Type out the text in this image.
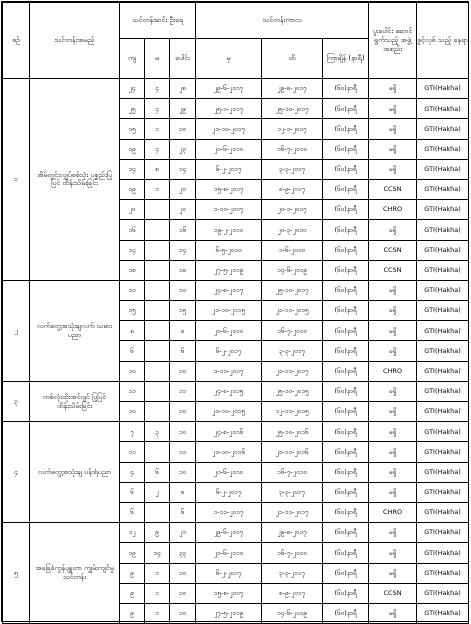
စဉ်	သင်တန်းအမည်	သင်တန်းဆင်း ဦးရေ			သင်တန်းကာလ			ပူးပေါင်း ဆောင် ရွက်သည့် အဖွဲ့အစည်း	ဖွင့်လှစ် သည့် နေရာ
		ကျ	မ	ပေါင်း	မှ	ထိ	ကြာချိန် (နာရီ)		
၁	အိမ်တွင်းလျှပ်စစ်သုံး ပစ္စည်းပြုပြင် ထိန်းသိမ်းခြင်း	၂၄	၄	၂၈	၂၉-၆-၂၀၁၇	၂၉-၈-၂၀၁၇	(၆၀)နာရီ	မရှိ	GTI(Hakha)
		၂၅	၄	၂၉	၂၅-၁-၂၀၁၇	၂၅-၁၀-၂၀၁၇	(၆၀)နာရီ	မရှိ	GTI(Hakha)
		၁၅	၁	၁၀	၂၀-၁၀-၂၀၁၇	၁၂-၁-၂၀၁၇	(၆၀)နာရီ	မရှိ	GTI(Hakha)
		၁၉	၄	၂၃	၂၀-၆-၂၀၁၀	၁၆-၇-၂၀၁၀	(၆၀)နာရီ	မရှိ	GTI(Hakha)
		၁၄	၈	၁၄	၆-၂-၂၀၁၇	၃-၃-၂၀၁၇	(၆၀)နာရီ	မရှိ	GTI(Hakha)
		၁၉	၁	၂၀	၁၅-၈-၂၀၁၇	၈-၉-၂၀၁၇	(၆၀)နာရီ	CCSN	GTI(Hakha)
		၂၀		၂၀	၁-၁၀-၂၀၁၇	၂၀-၁-၂၀၁၇	(၆၀)နာရီ	CHRO	GTI(Hakha)
		၁၆		၁၆	၁၉-၂-၂၀၁၀	၂၀-၃-၂၀၁၀	(၆၀)နာရီ	မရှိ	GTI(Hakha)
		၁၄		၁၄	၆-၅-၂၀၁၀	၁-၆-၂၀၁၀	(၆၀)နာရီ	CCSN	GTI(Hakha)
		၁၈		၁၈	၂၇-၅-၂၀၁၉	၁၄-၆-၂၀၁၉	(၆၀)နာရီ	CCSN	GTI(Hakha)
၂	လက်တွေ့အသုံးချလက် သမားပညာ	၁၀		၁၀	၂၄-၈-၂၀၁၇	၂၅-၁၀-၂၀၁၇	(၆၀)နာရီ	မရှိ	GTI(Hakha)
		၁၅		၁၅	၂၀-၁၀-၂၀၁၅	၂၁-၁၁-၂၀၁၅	(၆၀)နာရီ	မရှိ	GTI(Hakha)
		၈		၈	၂၀-၆-၂၀၁၀	၁၆-၇-၂၀၁၀	(၆၀)နာရီ	မရှိ	GTI(Hakha)
		၆		၆	၆-၂-၂၀၁၇	၃-၃-၂၀၁၇	(၆၀)နာရီ	မရှိ	GTI(Hakha)
		၁၀		၁၀	၁-၁၁-၂၀၁၇	၂၁-၁၁-၂၀၁၇	(၆၀)နာရီ	CHRO	GTI(Hakha)
၃	တစ်လုံးထိုးအင်ဂျင် ပြုပြင်ထိန်းသိမ်းခြင်း	၁၁		၁၁	၂၄-၈-၂၀၁၅	၂၅-၁၀-၂၀၁၅	(၆၀)နာရီ	မရှိ	GTI(Hakha)
		၁၀		၁၀	၂၀-၁၀-၂၀၁၅	၁၂-၁၁-၂၀၁၅	(၆၀)နာရီ	မရှိ	GTI(Hakha)
၄	လက်တွေ့အသုံးချ ပန်းရံပညာ	၇	၃	၁၀	၂၄-၈-၂၀၁၆	၂၅-၁၀-၂၀၁၆	(၆၀)နာရီ	မရှိ	GTI(Hakha)
		၁၁		၁၁	၂၀-၁၀-၂၀၁၆	၂၁-၁၁-၂၀၁၆	(၆၀)နာရီ	မရှိ	GTI(Hakha)
		၄	၆	၁၀	၂၀-၆-၂၀၁၀	၁၆-၇-၂၀၁၀	(၆၀)နာရီ	မရှိ	GTI(Hakha)
		၆	၂	၈	၆-၂-၂၀၁၇	၃-၃-၂၀၁၇	(၆၀)နာရီ	မရှိ	GTI(Hakha)
		၆		၆	၁-၁၁-၂၀၁၇	၂၁-၁၁-၂၀၁၇	(၆၀)နာရီ	CHRO	GTI(Hakha)
၅	အခြေခံကွန်ပျူတာ ကျွမ်းကျင်မှု သင်တန်း	၁၂	၉	၂၁	၂၉-၆-၂၀၁၇	၂၉-၈-၂၀၁၇	(၆၀)နာရီ	မရှိ	GTI(Hakha)
		၁၉	၁၄	၃၃	၂၀-၆-၂၀၁၀	၁၆-၇-၂၀၁၀	(၆၀)နာရီ	မရှိ	GTI(Hakha)
		၉	၁	၁၀	၆-၂-၂၀၁၇	၃-၃-၂၀၁၇	(၆၀)နာရီ	မရှိ	GTI(Hakha)
		၉	၁	၁၀	၁၅-၈-၂၀၁၇	၈-၉-၂၀၁၇	(၆၀)နာရီ	CCSN	GTI(Hakha)
		၉	၁	၁၀	၂၇-၅-၂၀၁၉	၁၄-၆-၂၀၁၉	(၆၀)နာရီ	မရှိ	GTI(Hakha)
